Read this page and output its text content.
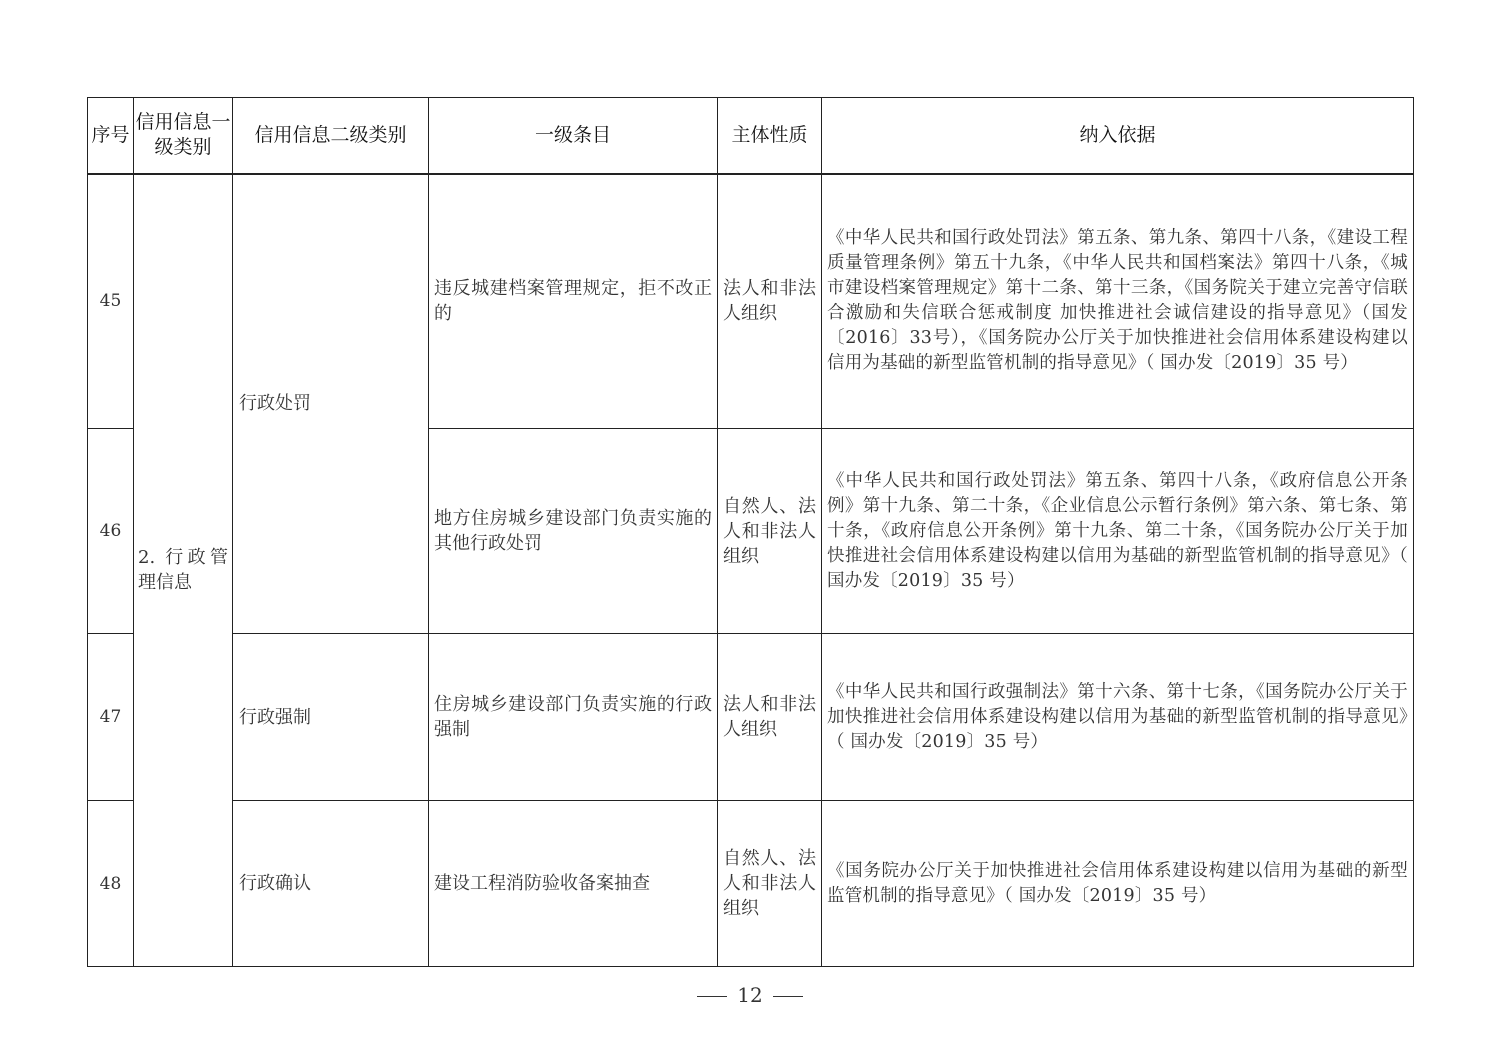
序号	信用信息一级类别	信用信息二级类别	一级条目	主体性质	纳入依据
45	2. 行政管理信息	行政处罚	违反城建档案管理规定，拒不改正的	法人和非法人组织	《中华人民共和国行政处罚法》第五条、第九条、第四十八条，《建设工程质量管理条例》第五十九条，《中华人民共和国档案法》第四十八条，《城市建设档案管理规定》第十二条、第十三条，《国务院关于建立完善守信联合激励和失信联合惩戒制度 加快推进社会诚信建设的指导意见》（国发〔2016〕33号），《国务院办公厅关于加快推进社会信用体系建设构建以信用为基础的新型监管机制的指导意见》（ 国办发〔2019〕35 号）
46			地方住房城乡建设部门负责实施的其他行政处罚	自然人、法人和非法人组织	《中华人民共和国行政处罚法》第五条、第四十八条，《政府信息公开条例》第十九条、第二十条，《企业信息公示暂行条例》第六条、第七条、第十条，《政府信息公开条例》第十九条、第二十条，《国务院办公厅关于加快推进社会信用体系建设构建以信用为基础的新型监管机制的指导意见》（ 国办发〔2019〕35 号）
47		行政强制	住房城乡建设部门负责实施的行政强制	法人和非法人组织	《中华人民共和国行政强制法》第十六条、第十七条，《国务院办公厅关于加快推进社会信用体系建设构建以信用为基础的新型监管机制的指导意见》（ 国办发〔2019〕35 号）
48		行政确认	建设工程消防验收备案抽查	自然人、法人和非法人组织	《国务院办公厅关于加快推进社会信用体系建设构建以信用为基础的新型监管机制的指导意见》（ 国办发〔2019〕35 号）
12
